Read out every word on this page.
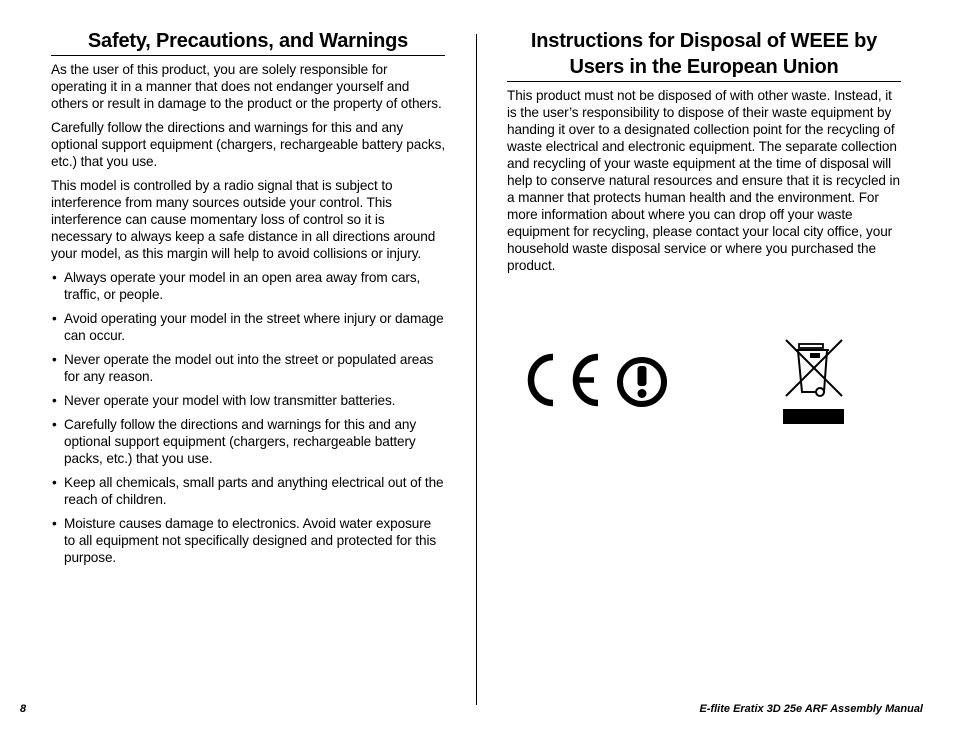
Safety, Precautions, and Warnings

As the user of this product, you are solely responsible for operating it in a manner that does not endanger yourself and others or result in damage to the product or the property of others.

Carefully follow the directions and warnings for this and any optional support equipment (chargers, rechargeable battery packs, etc.) that you use.

This model is controlled by a radio signal that is subject to interference from many sources outside your control. This interference can cause momentary loss of control so it is necessary to always keep a safe distance in all directions around your model, as this margin will help to avoid collisions or injury.

• Always operate your model in an open area away from cars, traffic, or people.
• Avoid operating your model in the street where injury or damage can occur.
• Never operate the model out into the street or populated areas for any reason.
• Never operate your model with low transmitter batteries.
• Carefully follow the directions and warnings for this and any optional support equipment (chargers, rechargeable battery packs, etc.) that you use.
• Keep all chemicals, small parts and anything electrical out of the reach of children.
• Moisture causes damage to electronics. Avoid water exposure to all equipment not specifically designed and protected for this purpose.
Instructions for Disposal of WEEE by Users in the European Union

This product must not be disposed of with other waste. Instead, it is the user’s responsibility to dispose of their waste equipment by handing it over to a designated collection point for the recycling of waste electrical and electronic equipment. The separate collection and recycling of your waste equipment at the time of disposal will help to conserve natural resources and ensure that it is recycled in a manner that protects human health and the environment. For more information about where you can drop off your waste equipment for recycling, please contact your local city office, your household waste disposal service or where you purchased the product.

8	E-flite Eratix 3D 25e ARF Assembly Manual
